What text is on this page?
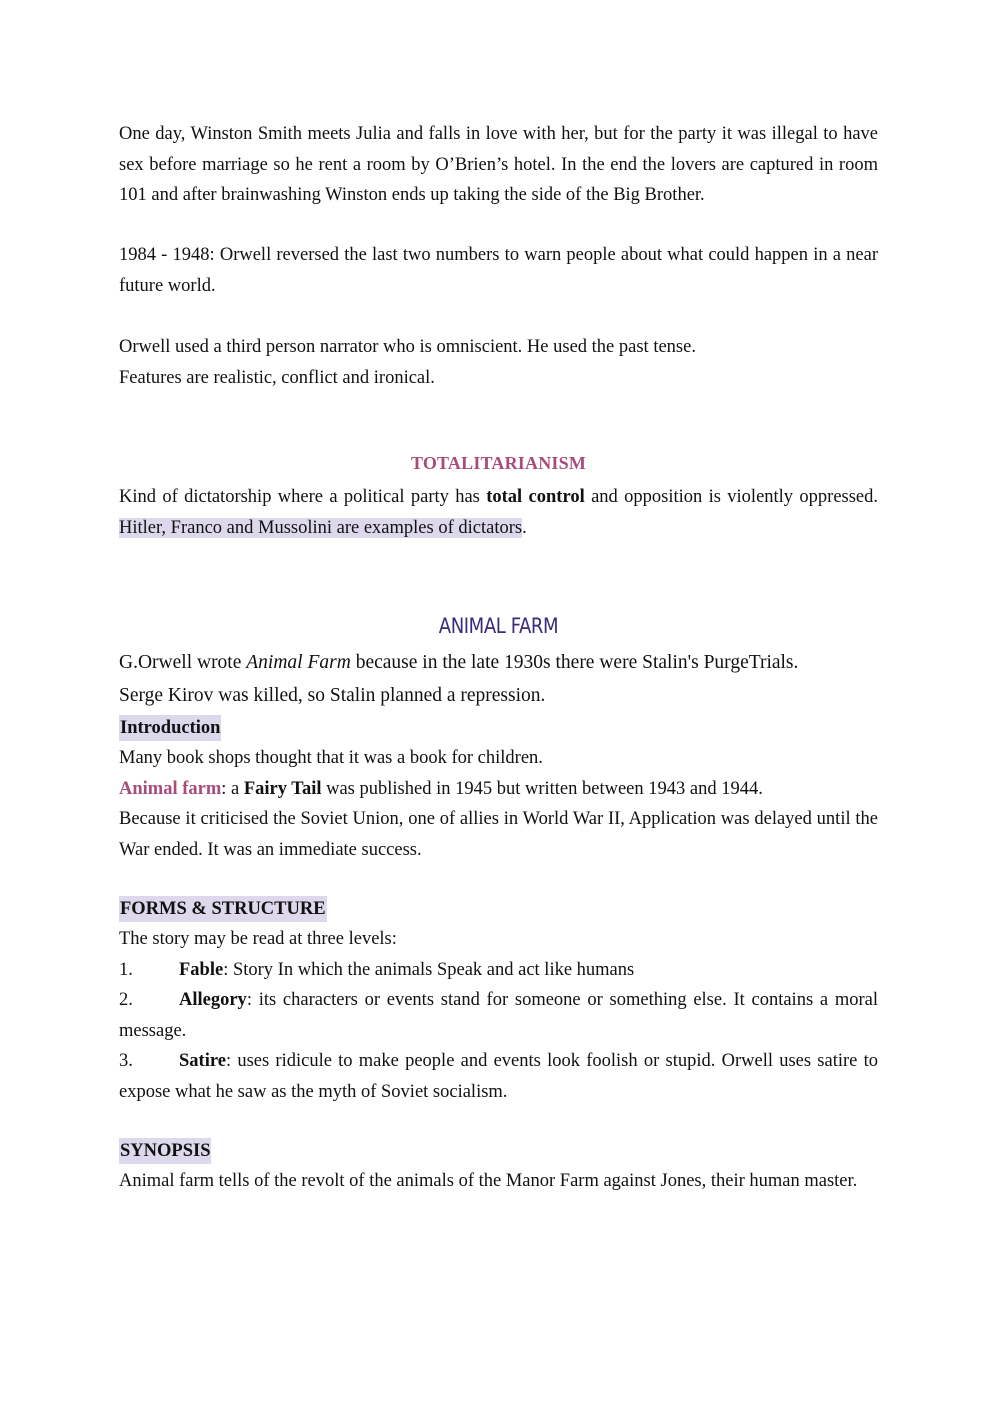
One day, Winston Smith meets Julia and falls in love with her, but for the party it was illegal to have sex before marriage so he rent a room by O’Brien’s hotel. In the end the lovers are captured in room 101 and after brainwashing Winston ends up taking the side of the Big Brother.

1984 - 1948: Orwell reversed the last two numbers to warn people about what could happen in a near future world.

Orwell used a third person narrator who is omniscient. He used the past tense.

Features are realistic, conflict and ironical.

TOTALITARIANISM

Kind of dictatorship where a political party has total control and opposition is violently oppressed. Hitler, Franco and Mussolini are examples of dictators.

ANIMAL FARM

G.Orwell wrote Animal Farm because in the late 1930s there were Stalin's PurgeTrials.

Serge Kirov was killed, so Stalin planned a repression.

Introduction

Many book shops thought that it was a book for children.

Animal farm: a Fairy Tail was published in 1945 but written between 1943 and 1944.

Because it criticised the Soviet Union, one of allies in World War II, Application was delayed until the War ended. It was an immediate success.

FORMS & STRUCTURE

The story may be read at three levels:

1.	Fable: Story In which the animals Speak and act like humans

2. Allegory: its characters or events stand for someone or something else. It contains a moral message.

3. Satire: uses ridicule to make people and events look foolish or stupid. Orwell uses satire to expose what he saw as the myth of Soviet socialism.

SYNOPSIS

Animal farm tells of the revolt of the animals of the Manor Farm against Jones, their human master.
